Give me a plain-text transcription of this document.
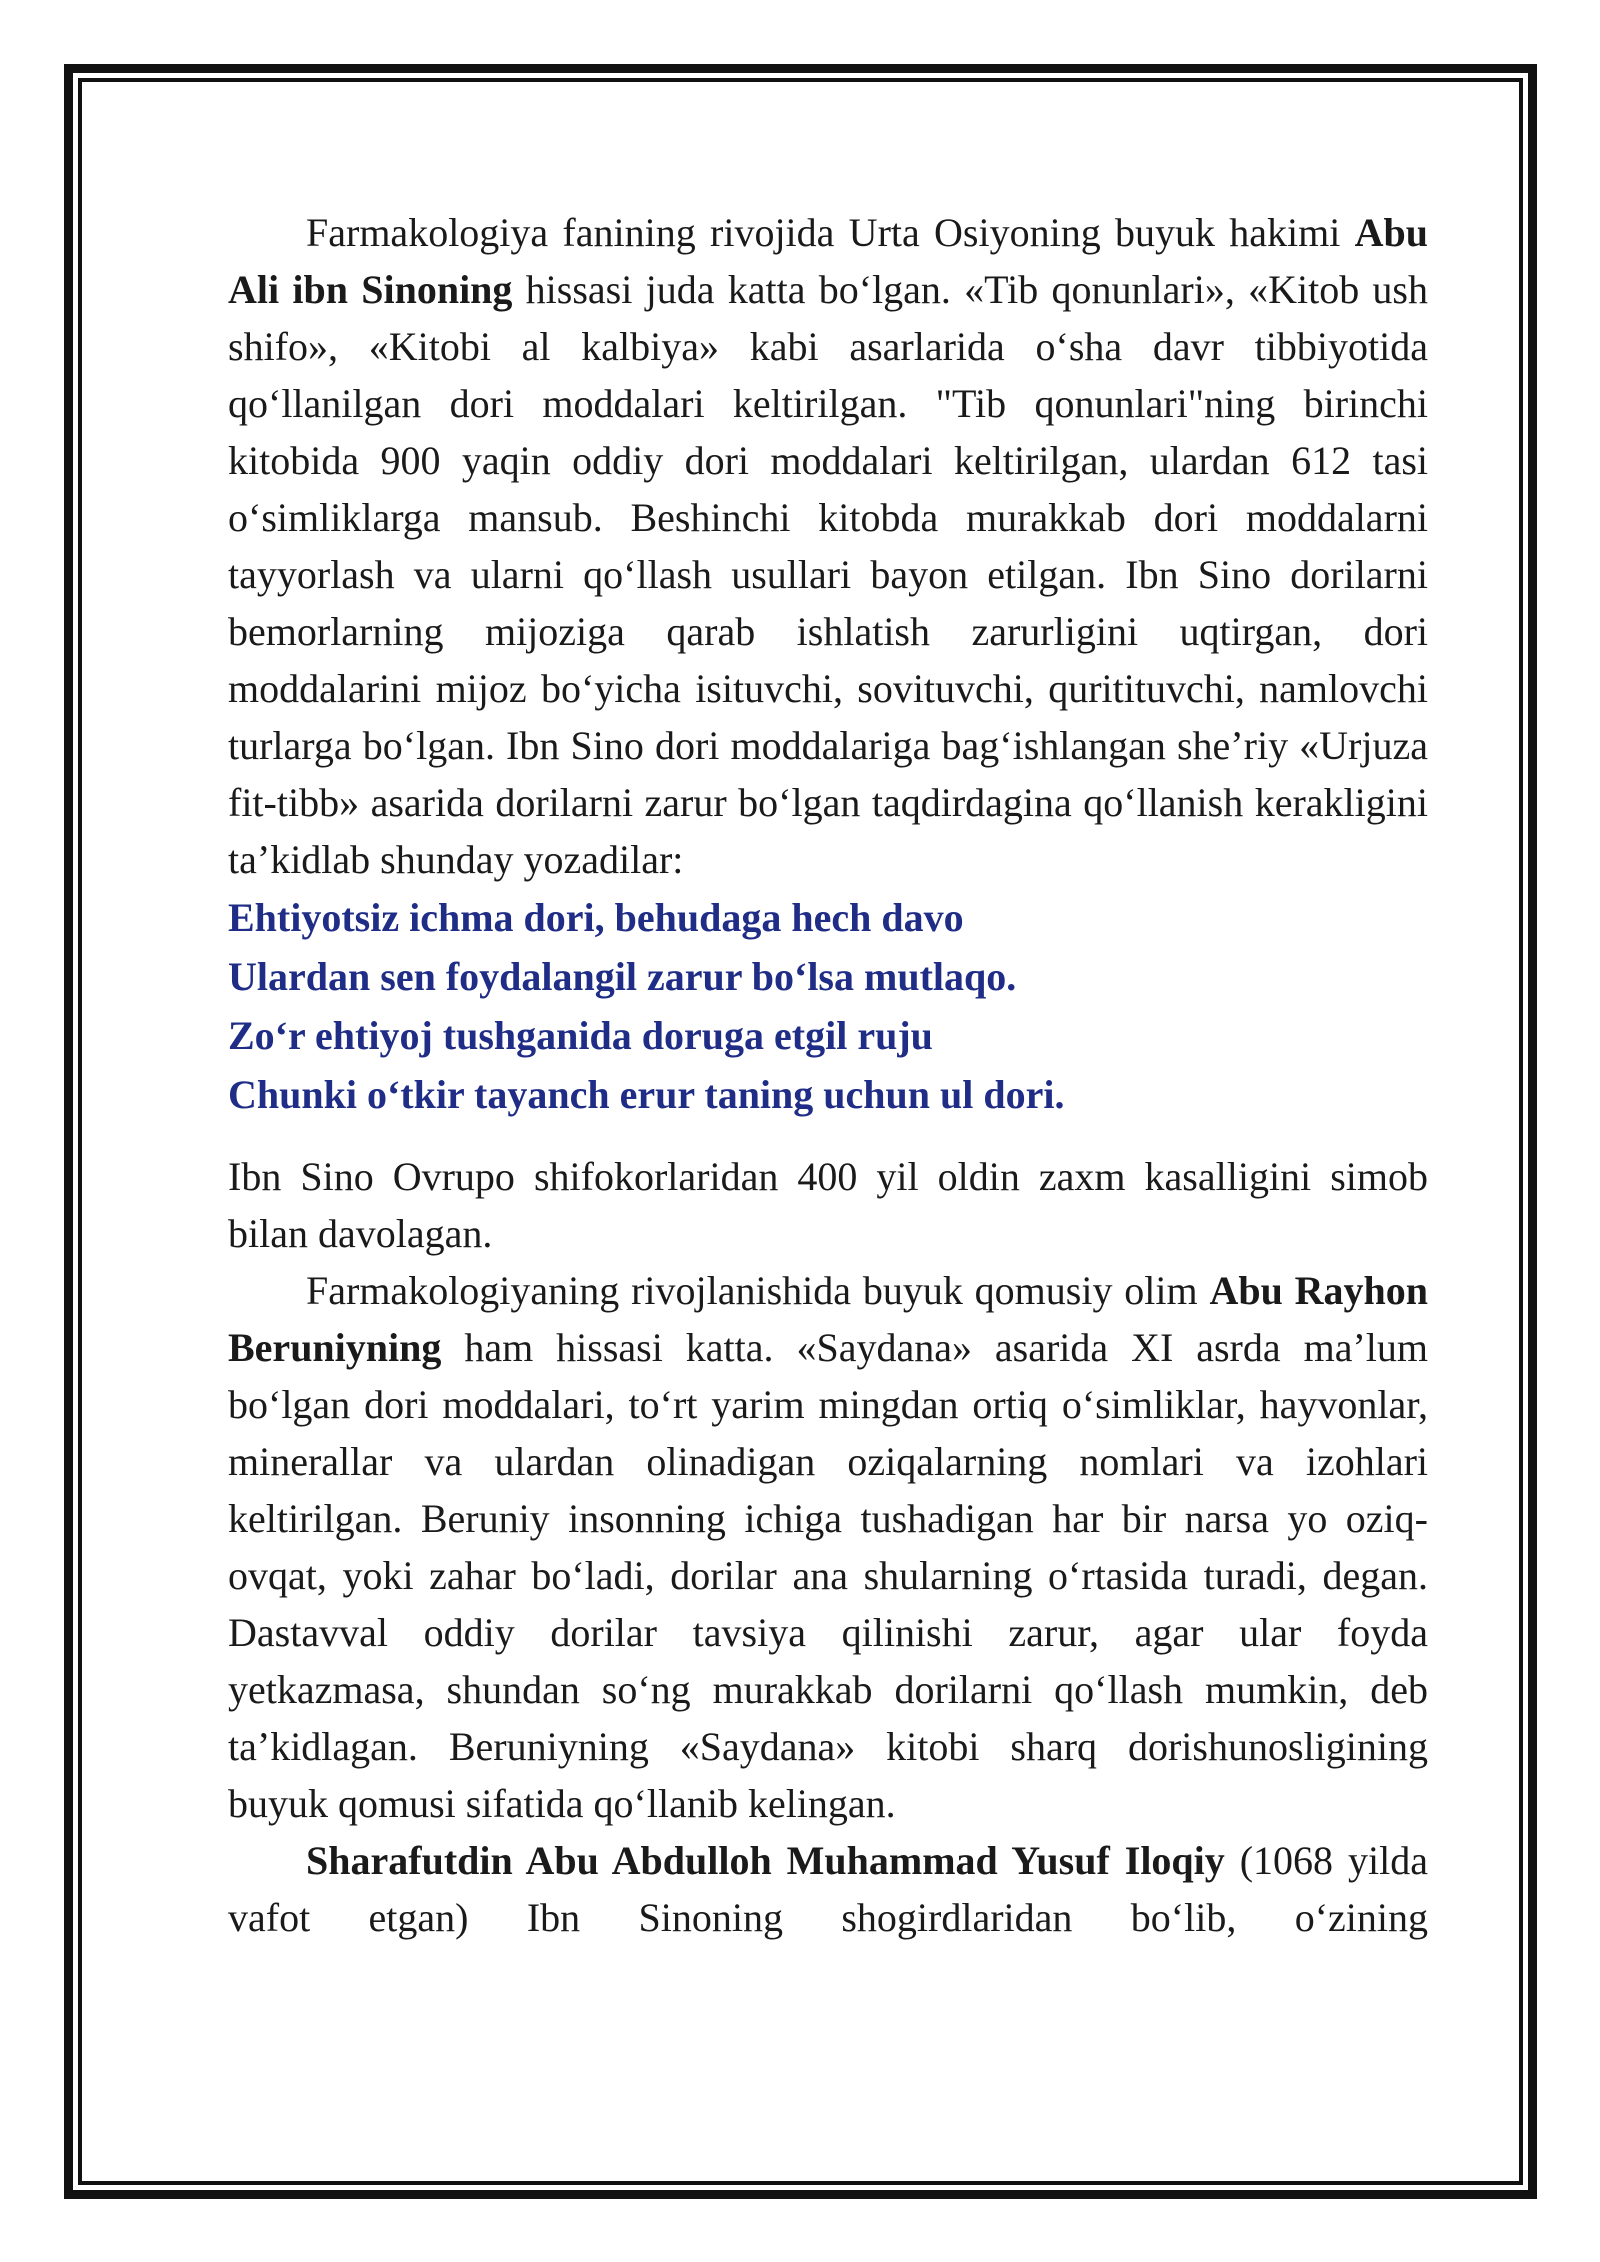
Farmakologiya fanining rivojida Urta Osiyoning buyuk hakimi Abu Ali ibn Sinoning hissasi juda katta boʻlgan. «Tib qonunlari», «Kitob ush shifo», «Kitobi al kalbiya» kabi asarlarida oʻsha davr tibbiyotida qoʻllanilgan dori moddalari keltirilgan. "Tib qonunlari"ning birinchi kitobida 900 yaqin oddiy dori moddalari keltirilgan, ulardan 612 tasi oʻsimliklarga mansub. Beshinchi kitobda murakkab dori moddalarni tayyorlash va ularni qoʻllash usullari bayon etilgan. Ibn Sino dorilarni bemorlarning mijoziga qarab ishlatish zarurligini uqtirgan, dori moddalarini mijoz boʻyicha isituvchi, sovituvchi, quritituvchi, namlovchi turlarga boʻlgan. Ibn Sino dori moddalariga bagʻishlangan sheʼriy «Urjuza fit-tibb» asarida dorilarni zarur boʻlgan taqdirdagina qoʻllanish kerakligini taʼkidlab shunday yozadilar:

Ehtiyotsiz ichma dori, behudaga hech davo
Ulardan sen foydalangil zarur boʻlsa mutlaqo.
Zoʻr ehtiyoj tushganida doruga etgil ruju
Chunki oʻtkir tayanch erur taning uchun ul dori.

Ibn Sino Ovrupo shifokorlaridan 400 yil oldin zaxm kasalligini simob bilan davolagan.

Farmakologiyaning rivojlanishida buyuk qomusiy olim Abu Rayhon Beruniyning ham hissasi katta. «Saydana» asarida XI asrda maʼlum boʻlgan dori moddalari, toʻrt yarim mingdan ortiq oʻsimliklar, hayvonlar, minerallar va ulardan olinadigan oziqalarning nomlari va izohlari keltirilgan. Beruniy insonning ichiga tushadigan har bir narsa yo oziq-ovqat, yoki zahar boʻladi, dorilar ana shularning oʻrtasida turadi, degan. Dastavval oddiy dorilar tavsiya qilinishi zarur, agar ular foyda yetkazmasa, shundan soʻng murakkab dorilarni qoʻllash mumkin, deb taʼkidlagan. Beruniyning «Saydana» kitobi sharq dorishunosligining buyuk qomusi sifatida qoʻllanib kelingan.

Sharafutdin Abu Abdulloh Muhammad Yusuf Iloqiy (1068 yilda vafot etgan) Ibn Sinoning shogirdlaridan boʻlib, oʻzining
